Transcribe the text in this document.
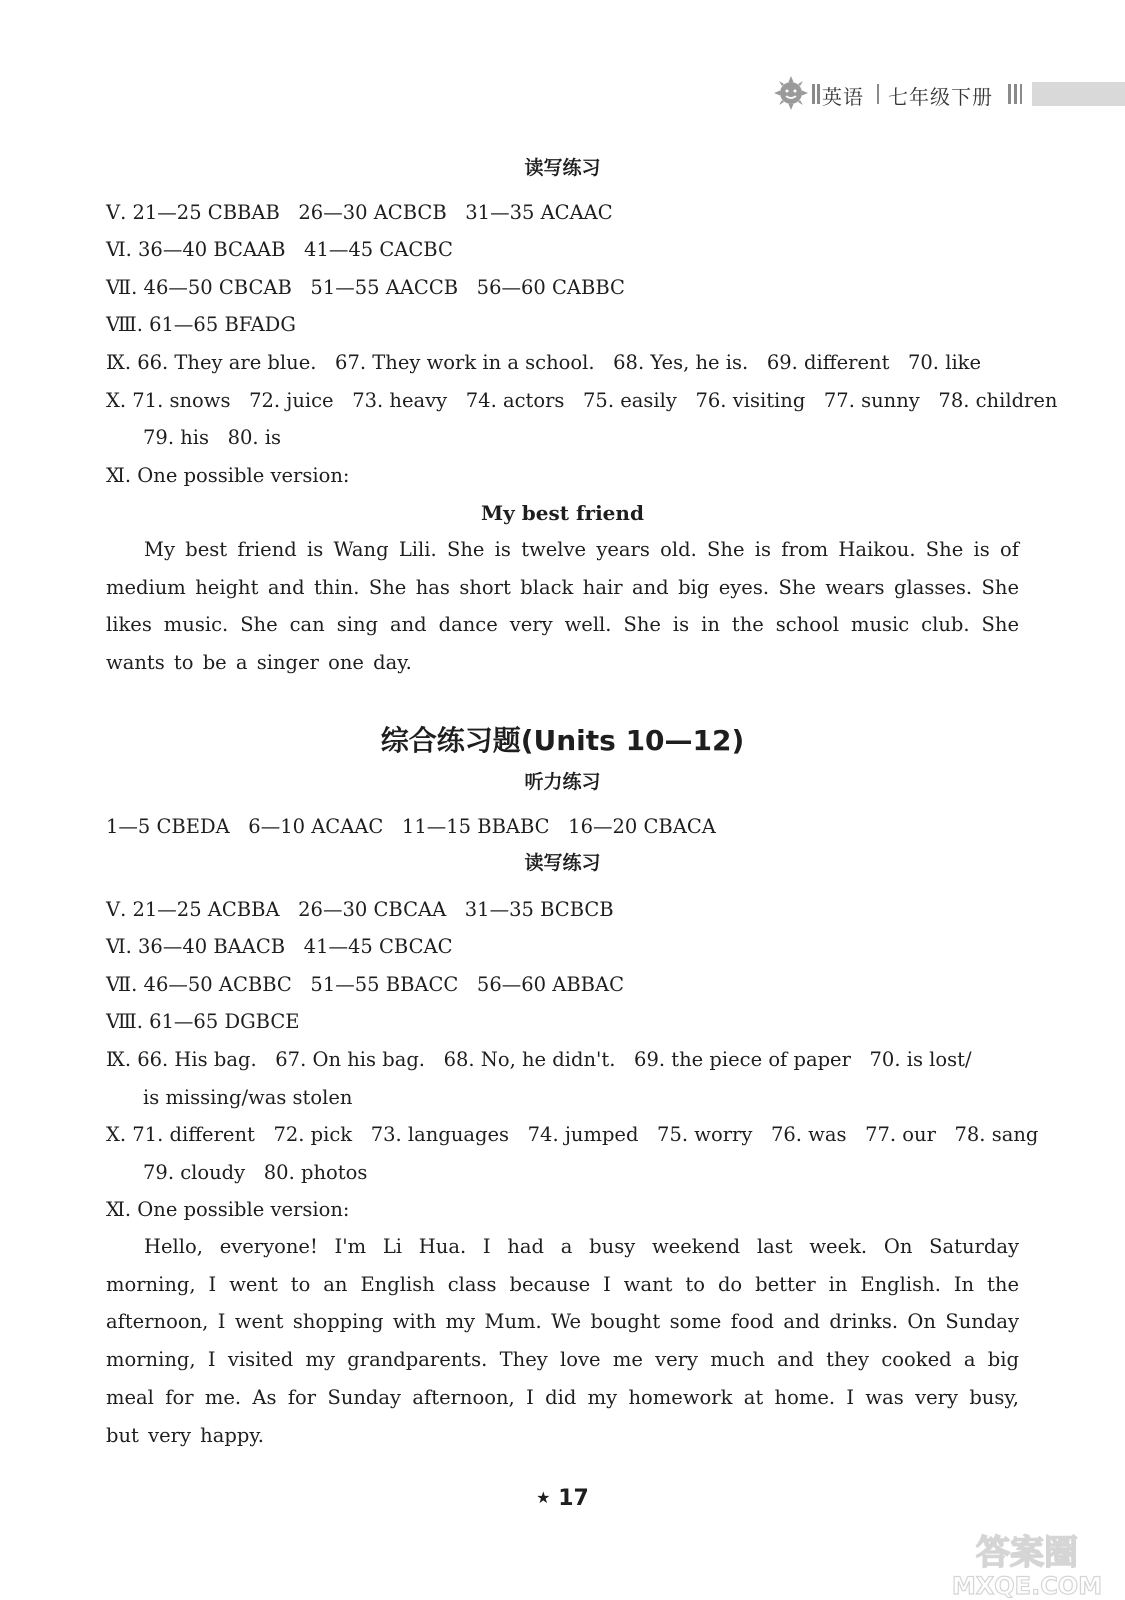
英语 七年级下册
读写练习
Ⅴ. 21—25 CBBAB   26—30 ACBCB   31—35 ACAAC
Ⅵ. 36—40 BCAAB   41—45 CACBC
Ⅶ. 46—50 CBCAB   51—55 AACCB   56—60 CABBC
Ⅷ. 61—65 BFADG
Ⅸ. 66. They are blue.   67. They work in a school.   68. Yes, he is.   69. different   70. like
Ⅹ. 71. snows   72. juice   73. heavy   74. actors   75. easily   76. visiting   77. sunny   78. children
79. his   80. is
Ⅺ. One possible version:
My best friend
My best friend is Wang Lili. She is twelve years old. She is from Haikou. She is of medium height and thin. She has short black hair and big eyes. She wears glasses. She likes music. She can sing and dance very well. She is in the school music club. She wants to be a singer one day.
综合练习题(Units 10—12)
听力练习
1—5 CBEDA   6—10 ACAAC   11—15 BBABC   16—20 CBACA
读写练习
Ⅴ. 21—25 ACBBA   26—30 CBCAA   31—35 BCBCB
Ⅵ. 36—40 BAACB   41—45 CBCAC
Ⅶ. 46—50 ACBBC   51—55 BBACC   56—60 ABBAC
Ⅷ. 61—65 DGBCE
Ⅸ. 66. His bag.   67. On his bag.   68. No, he didn't.   69. the piece of paper   70. is lost/
is missing/was stolen
Ⅹ. 71. different   72. pick   73. languages   74. jumped   75. worry   76. was   77. our   78. sang
79. cloudy   80. photos
Ⅺ. One possible version:
Hello, everyone! I'm Li Hua. I had a busy weekend last week. On Saturday morning, I went to an English class because I want to do better in English. In the afternoon, I went shopping with my Mum. We bought some food and drinks. On Sunday morning, I visited my grandparents. They love me very much and they cooked a big meal for me. As for Sunday afternoon, I did my homework at home. I was very busy, but very happy.
★ 17
答案圈
MXQE.COM
